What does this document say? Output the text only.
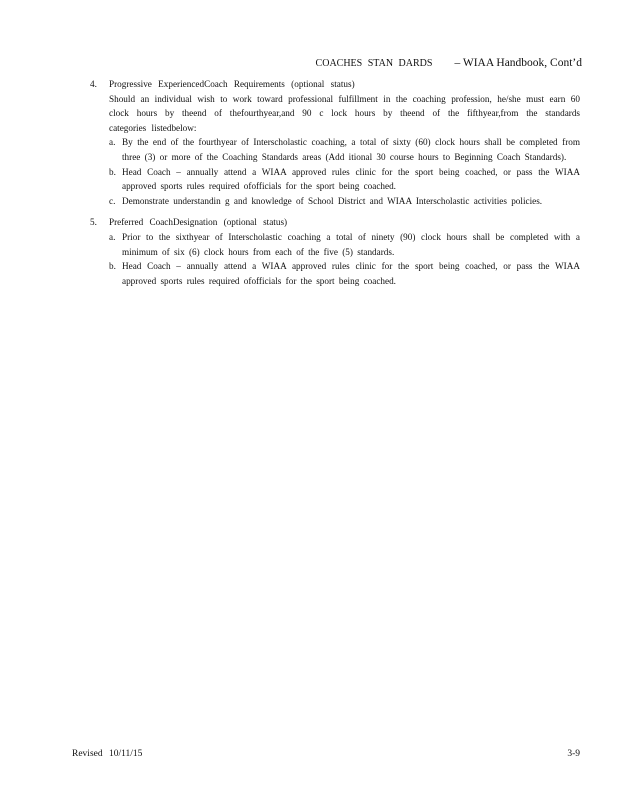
COACHES STAN DARDS – WIAA Handbook, Cont’d
4. Progressive ExperiencedCoach Requirements (optional status)
Should an individual wish to work toward professional fulfillment in the coaching profession, he/she must earn 60 clock hours by theend of thefourthyear,and 90 c lock hours by theend of the fifthyear,from the standards categories listedbelow:
a. By the end of the fourthyear of Interscholastic coaching, a total of sixty (60) clock hours shall be completed from three (3) or more of the Coaching Standards areas (Add itional 30 course hours to Beginning Coach Standards).
b. Head Coach – annually attend a WIAA approved rules clinic for the sport being coached, or pass the WIAA approved sports rules required ofofficials for the sport being coached.
c. Demonstrate understandin g and knowledge of School District and WIAA Interscholastic activities policies.
5. Preferred CoachDesignation (optional status)
a. Prior to the sixthyear of Interscholastic coaching a total of ninety (90) clock hours shall be completed with a minimum of six (6) clock hours from each of the five (5) standards.
b. Head Coach – annually attend a WIAA approved rules clinic for the sport being coached, or pass the WIAA approved sports rules required ofofficials for the sport being coached.
Revised 10/11/15	3-9
